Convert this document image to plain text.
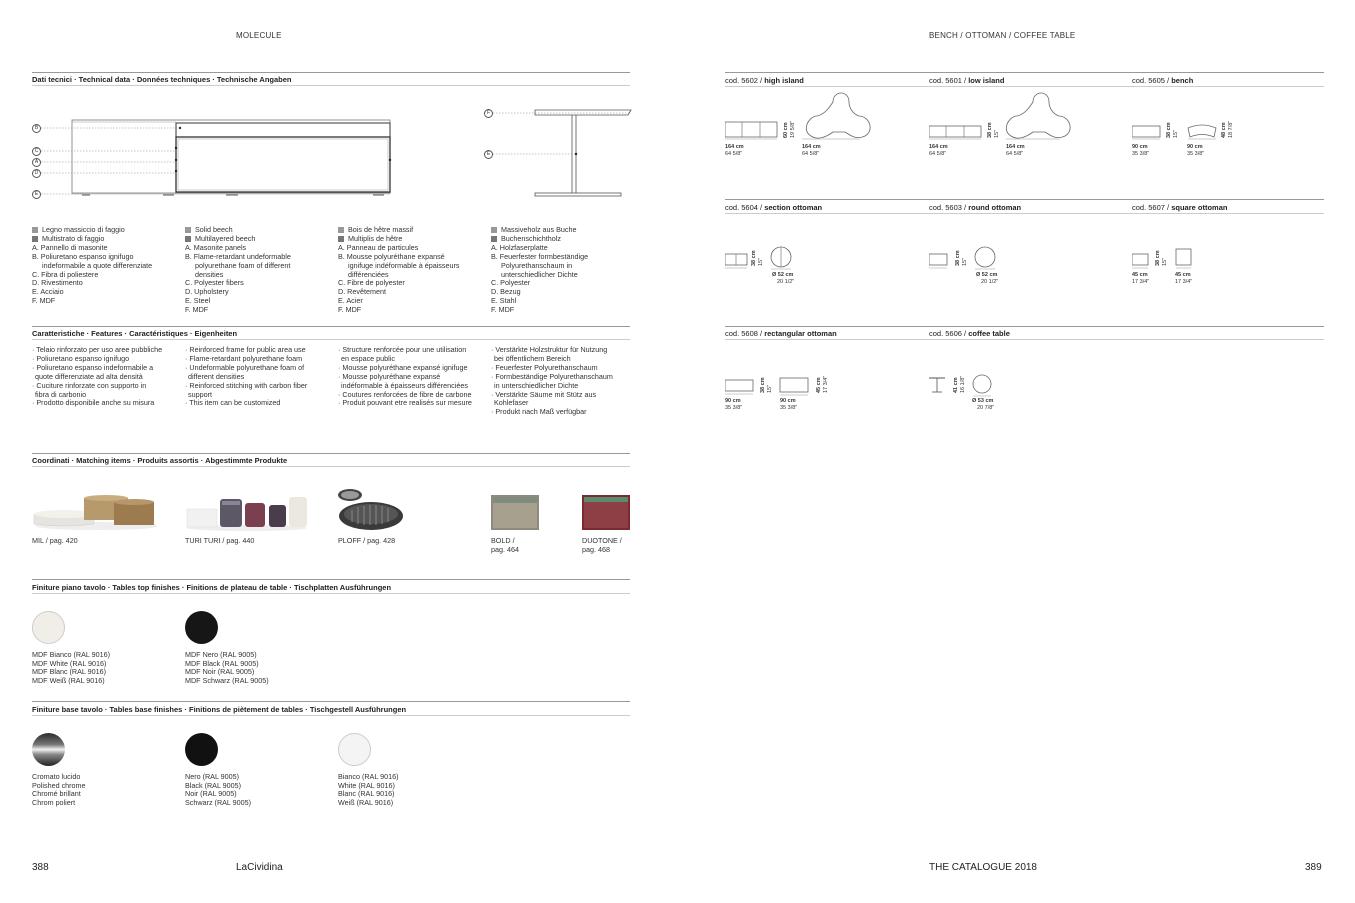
MOLECULE	BENCH / OTTOMAN / COFFEE TABLE
Dati tecnici · Technical data · Données techniques · Technische Angaben
B
C
A
D
E
F
E
Legno massiccio di faggio
Multistrato di faggio
A. Pannello di masonite
B. Poliuretano espanso ignifugo
indeformabile a quote differenziate
C. Fibra di poliestere
D. Rivestimento
E. Acciaio
F. MDF
Solid beech
Multilayered beech
A. Masonite panels
B. Flame-retardant undeformable
polyurethane foam of different
densities
C. Polyester fibers
D. Upholstery
E. Steel
F. MDF
Bois de hêtre massif
Multiplis de hêtre
A. Panneau de particules
B. Mousse polyuréthane expansé
ignifuge indéformable à épaisseurs
différenciées
C. Fibre de polyester
D. Revêtement
E. Acier
F. MDF
Massiveholz aus Buche
Buchenschichtholz
A. Holzfaserplatte
B. Feuerfester formbeständige
Polyurethanschaum in
unterschiedlicher Dichte
C. Polyester
D. Bezug
E. Stahl
F. MDF
Caratteristiche · Features · Caractéristiques · Eigenheiten
· Telaio rinforzato per uso aree pubbliche
· Poliuretano espanso ignifugo
· Poliuretano espanso indeformabile a
quote differenziate ad alta densità
· Cuciture rinforzate con supporto in
fibra di carbonio
· Prodotto disponibile anche su misura
· Reinforced frame for public area use
· Flame-retardant polyurethane foam
· Undeformable polyurethane foam of
different densities
· Reinforced stitching with carbon fiber
support
· This item can be customized
· Structure renforcée pour une utilisation
en espace public
· Mousse polyuréthane expansé ignifuge
· Mousse polyuréthane expansé
indéformable à épaisseurs différenciées
· Coutures renforcées de fibre de carbone
· Produit pouvant etre realisés sur mesure
· Verstärkte Holzstruktur für Nutzung
bei öffentlichem Bereich
· Feuerfester Polyurethanschaum
· Formbeständige Polyurethanschaum
in unterschiedlicher Dichte
· Verstärkte Säume mit Stütz aus
Kohlefaser
· Produkt nach Maß verfügbar
Coordinati · Matching items · Produits assortis · Abgestimmte Produkte
MIL / pag. 420	TURI TURI / pag. 440	PLOFF / pag. 428	BOLD /
pag. 464
DUOTONE /
pag. 468
Finiture piano tavolo · Tables top finishes · Finitions de plateau de table · Tischplatten Ausführungen
MDF Bianco (RAL 9016)
MDF White (RAL 9016)
MDF Blanc (RAL 9016)
MDF Weiß (RAL 9016)
MDF Nero (RAL 9005)
MDF Black (RAL 9005)
MDF Noir (RAL 9005)
MDF Schwarz (RAL 9005)
Finiture base tavolo · Tables base finishes · Finitions de piètement de tables · Tischgestell Ausführungen
Cromato lucido
Polished chrome
Chromé brillant
Chrom poliert
Nero (RAL 9005)
Black (RAL 9005)
Noir (RAL 9005)
Schwarz (RAL 9005)
Bianco (RAL 9016)
White (RAL 9016)
Blanc (RAL 9016)
Weiß (RAL 9016)
cod. 5602 / high island	cod. 5601 / low island	cod. 5605 / bench
60 cm 19 5/8"
164 cm
64 5/8"
164 cm
64 5/8"
38 cm 15"
164 cm
64 5/8"
164 cm
64 5/8"
38 cm 15"	48 cm 18 7/8"
90 cm
35 3/8"
90 cm
35 3/8"
cod. 5604 / section ottoman	cod. 5603 / round ottoman	cod. 5607 / square ottoman
38 cm 15"
Ø 52 cm
20 1/2"
38 cm 15"
Ø 52 cm
20 1/2"
38 cm 15"
45 cm
17 3/4"
45 cm
17 3/4"
cod. 5608 / rectangular ottoman	cod. 5606 / coffee table
38 cm 15"	45 cm 17 3/4"
90 cm
35 3/8"
90 cm
35 3/8"
41 cm 16 1/8"
Ø 53 cm
20 7/8"
388	LaCividina	THE CATALOGUE 2018	389
